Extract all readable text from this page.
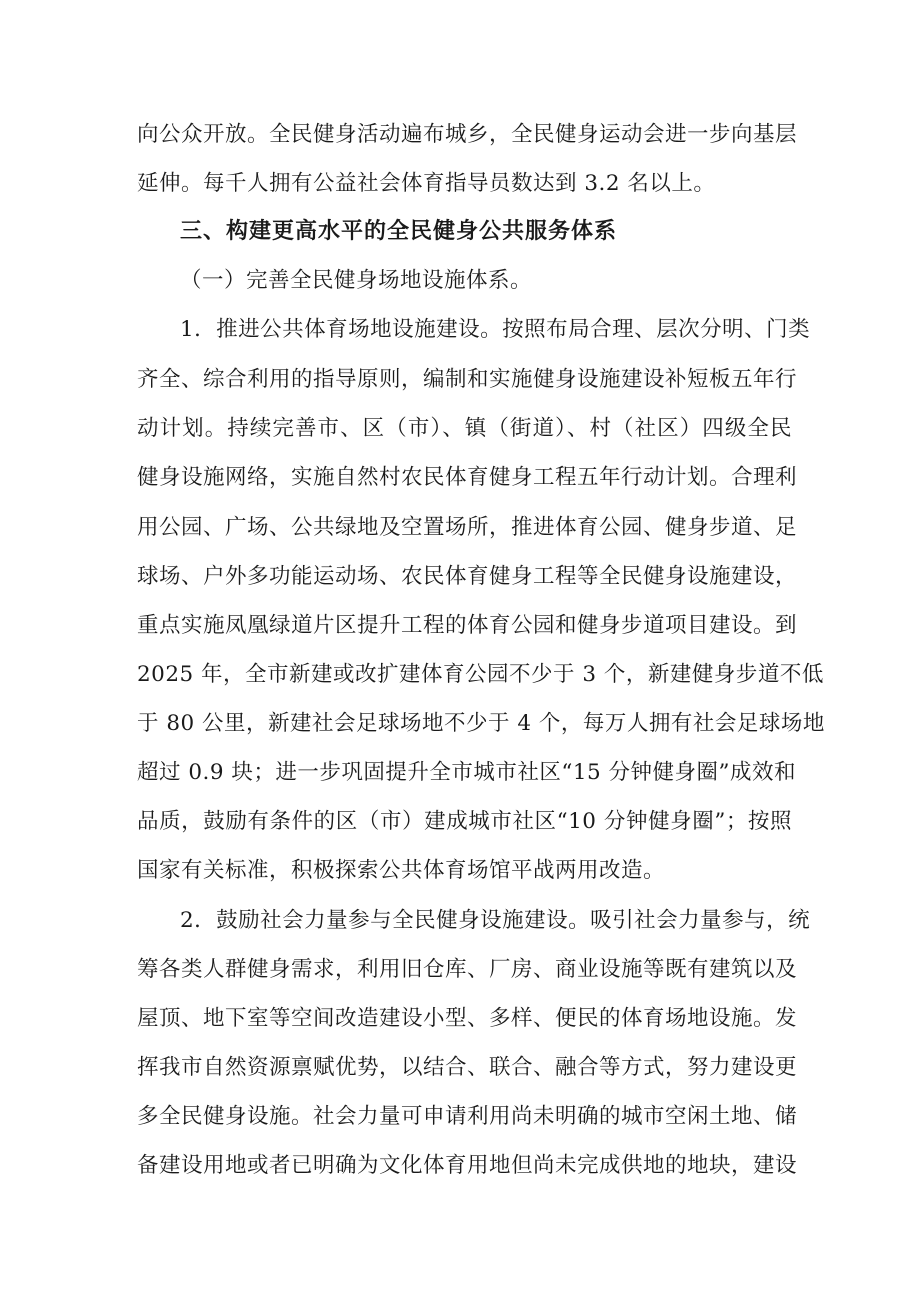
向公众开放。全民健身活动遍布城乡，全民健身运动会进一步向基层
延伸。每千人拥有公益社会体育指导员数达到 3.2 名以上。
三、构建更高水平的全民健身公共服务体系
（一）完善全民健身场地设施体系。
1．推进公共体育场地设施建设。按照布局合理、层次分明、门类
齐全、综合利用的指导原则，编制和实施健身设施建设补短板五年行
动计划。持续完善市、区（市）、镇（街道）、村（社区）四级全民
健身设施网络，实施自然村农民体育健身工程五年行动计划。合理利
用公园、广场、公共绿地及空置场所，推进体育公园、健身步道、足
球场、户外多功能运动场、农民体育健身工程等全民健身设施建设，
重点实施凤凰绿道片区提升工程的体育公园和健身步道项目建设。到
2025 年，全市新建或改扩建体育公园不少于 3 个，新建健身步道不低
于 80 公里，新建社会足球场地不少于 4 个，每万人拥有社会足球场地
超过 0.9 块；进一步巩固提升全市城市社区“15 分钟健身圈”成效和
品质，鼓励有条件的区（市）建成城市社区“10 分钟健身圈”；按照
国家有关标准，积极探索公共体育场馆平战两用改造。
2．鼓励社会力量参与全民健身设施建设。吸引社会力量参与，统
筹各类人群健身需求，利用旧仓库、厂房、商业设施等既有建筑以及
屋顶、地下室等空间改造建设小型、多样、便民的体育场地设施。发
挥我市自然资源禀赋优势，以结合、联合、融合等方式，努力建设更
多全民健身设施。社会力量可申请利用尚未明确的城市空闲土地、储
备建设用地或者已明确为文化体育用地但尚未完成供地的地块，建设
